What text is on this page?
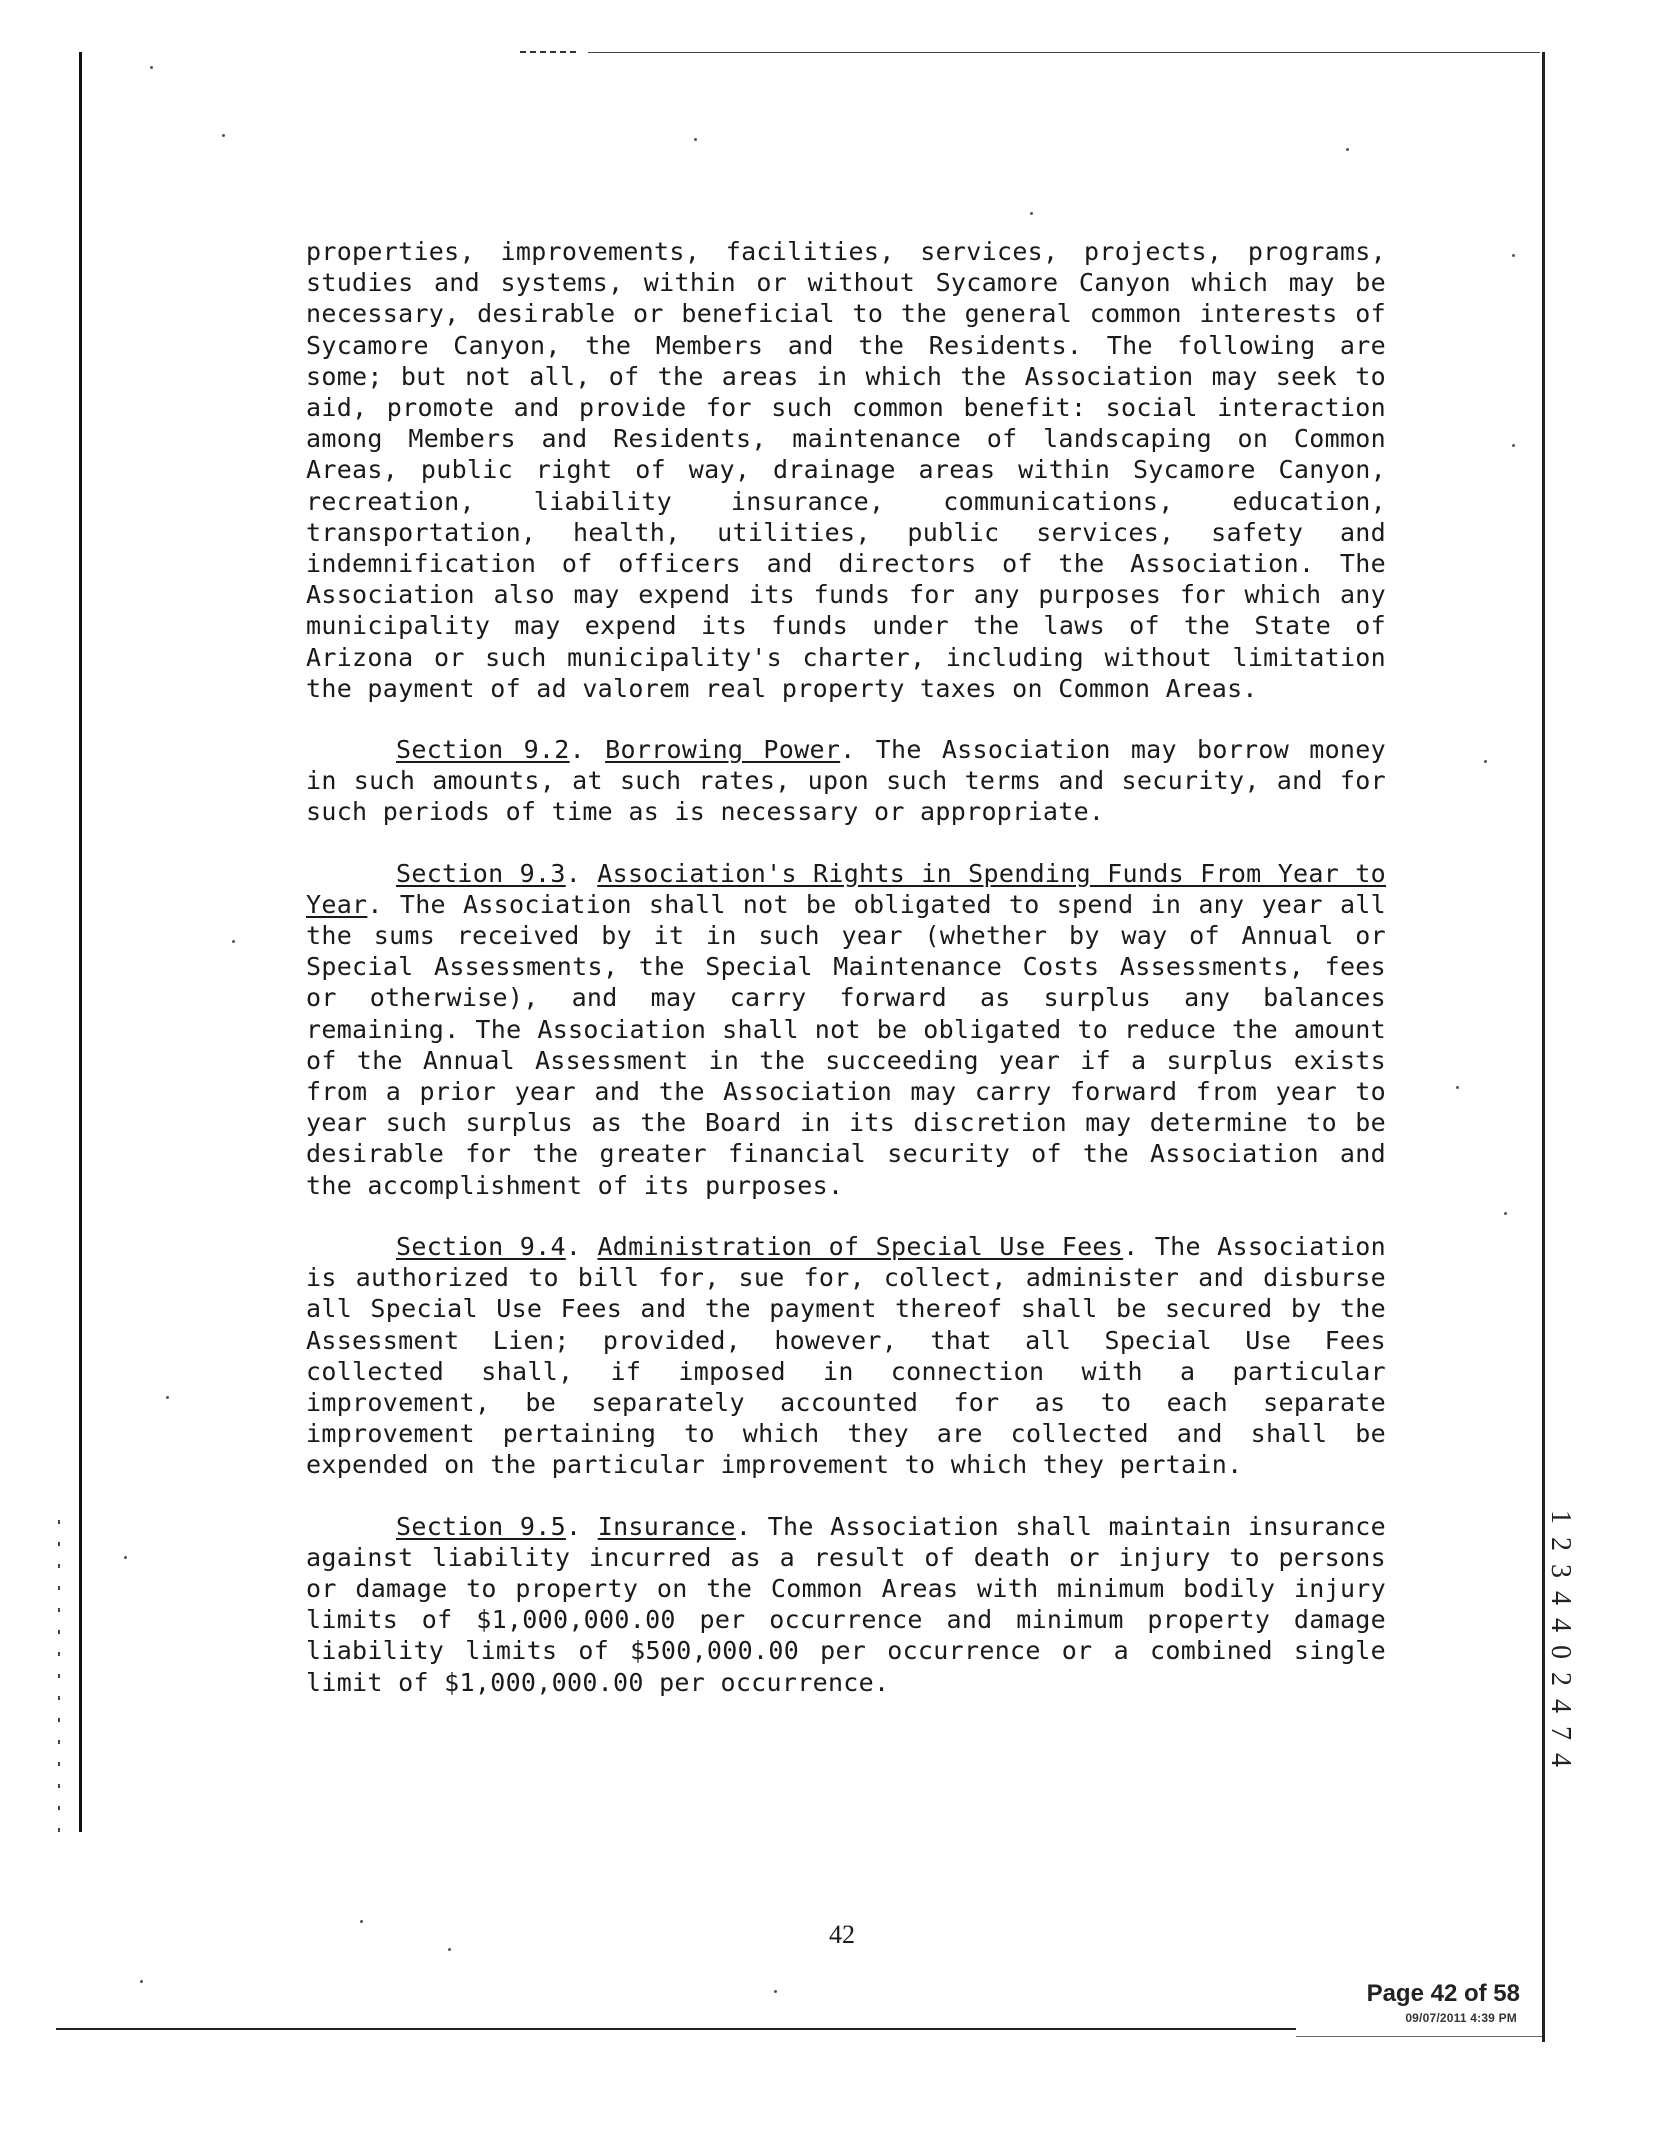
properties, improvements, facilities, services, projects, programs, studies and systems, within or without Sycamore Canyon which may be necessary, desirable or beneficial to the general common interests of Sycamore Canyon, the Members and the Residents. The following are some; but not all, of the areas in which the Association may seek to aid, promote and provide for such common benefit: social interaction among Members and Residents, maintenance of landscaping on Common Areas, public right of way, drainage areas within Sycamore Canyon, recreation, liability insurance, communications, education, transportation, health, utilities, public services, safety and indemnification of officers and directors of the Association. The Association also may expend its funds for any purposes for which any municipality may expend its funds under the laws of the State of Arizona or such municipality's charter, including without limitation the payment of ad valorem real property taxes on Common Areas.

Section 9.2. Borrowing Power. The Association may borrow money in such amounts, at such rates, upon such terms and security, and for such periods of time as is necessary or appropriate.

Section 9.3. Association's Rights in Spending Funds From Year to Year. The Association shall not be obligated to spend in any year all the sums received by it in such year (whether by way of Annual or Special Assessments, the Special Maintenance Costs Assessments, fees or otherwise), and may carry forward as surplus any balances remaining. The Association shall not be obligated to reduce the amount of the Annual Assessment in the succeeding year if a surplus exists from a prior year and the Association may carry forward from year to year such surplus as the Board in its discretion may determine to be desirable for the greater financial security of the Association and the accomplishment of its purposes.

Section 9.4. Administration of Special Use Fees. The Association is authorized to bill for, sue for, collect, administer and disburse all Special Use Fees and the payment thereof shall be secured by the Assessment Lien; provided, however, that all Special Use Fees collected shall, if imposed in connection with a particular improvement, be separately accounted for as to each separate improvement pertaining to which they are collected and shall be expended on the particular improvement to which they pertain.

Section 9.5. Insurance. The Association shall maintain insurance against liability incurred as a result of death or injury to persons or damage to property on the Common Areas with minimum bodily injury limits of $1,000,000.00 per occurrence and minimum property damage liability limits of $500,000.00 per occurrence or a combined single limit of $1,000,000.00 per occurrence.

42
1 2 3 4 4 0 2 4 7 4
Page 42 of 58
09/07/2011 4:39 PM
